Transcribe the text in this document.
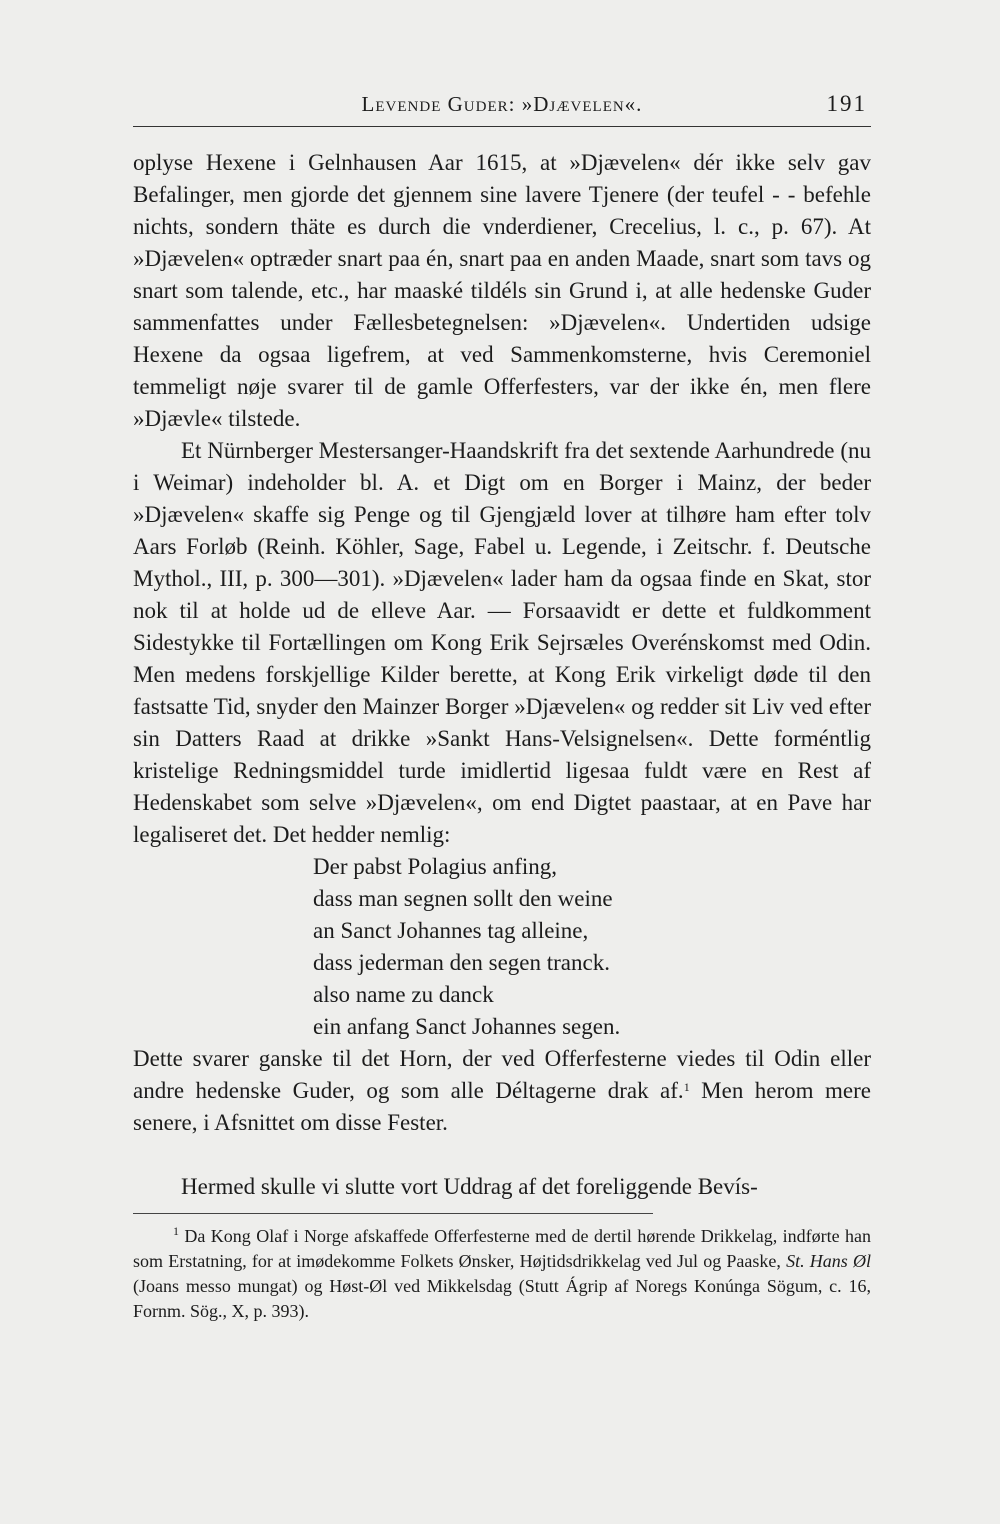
Levende Guder: »Djævelen«.	191

oplyse Hexene i Gelnhausen Aar 1615, at »Djævelen« dér ikke selv gav Befalinger, men gjorde det gjennem sine lavere Tjenere (der teufel - - befehle nichts, sondern thäte es durch die vnderdiener, Crecelius, l. c., p. 67). At »Djævelen« optræder snart paa én, snart paa en anden Maade, snart som tavs og snart som talende, etc., har maaské tildéls sin Grund i, at alle hedenske Guder sammenfattes under Fællesbetegnelsen: »Djævelen«. Undertiden udsige Hexene da ogsaa ligefrem, at ved Sammenkomsterne, hvis Ceremoniel temmeligt nøje svarer til de gamle Offerfesters, var der ikke én, men flere »Djævle« tilstede.

Et Nürnberger Mestersanger-Haandskrift fra det sextende Aarhundrede (nu i Weimar) indeholder bl. A. et Digt om en Borger i Mainz, der beder »Djævelen« skaffe sig Penge og til Gjengjæld lover at tilhøre ham efter tolv Aars Forløb (Reinh. Köhler, Sage, Fabel u. Legende, i Zeitschr. f. Deutsche Mythol., III, p. 300—301). »Djævelen« lader ham da ogsaa finde en Skat, stor nok til at holde ud de elleve Aar. — Forsaavidt er dette et fuldkomment Sidestykke til Fortællingen om Kong Erik Sejrsæles Overénskomst med Odin. Men medens forskjellige Kilder berette, at Kong Erik virkeligt døde til den fastsatte Tid, snyder den Mainzer Borger »Djævelen« og redder sit Liv ved efter sin Datters Raad at drikke »Sankt Hans-Velsignelsen«. Dette forméntlig kristelige Redningsmiddel turde imidlertid ligesaa fuldt være en Rest af Hedenskabet som selve »Djævelen«, om end Digtet paastaar, at en Pave har legaliseret det. Det hedder nemlig:

Der pabst Polagius anfing,
dass man segnen sollt den weine
an Sanct Johannes tag alleine,
dass jederman den segen tranck.
also name zu danck
ein anfang Sanct Johannes segen.

Dette svarer ganske til det Horn, der ved Offerfesterne viedes til Odin eller andre hedenske Guder, og som alle Déltagerne drak af.$^1$ Men herom mere senere, i Afsnittet om disse Fester.

Hermed skulle vi slutte vort Uddrag af det foreliggende Bevís-

$^1$ Da Kong Olaf i Norge afskaffede Offerfesterne med de dertil hørende Drikkelag, indførte han som Erstatning, for at imødekomme Folkets Ønsker, Højtidsdrikkelag ved Jul og Paaske, St. Hans Øl (Joans messo mungat) og Høst-Øl ved Mikkelsdag (Stutt Ágrip af Noregs Konúnga Sögum, c. 16, Fornm. Sög., X, p. 393).
